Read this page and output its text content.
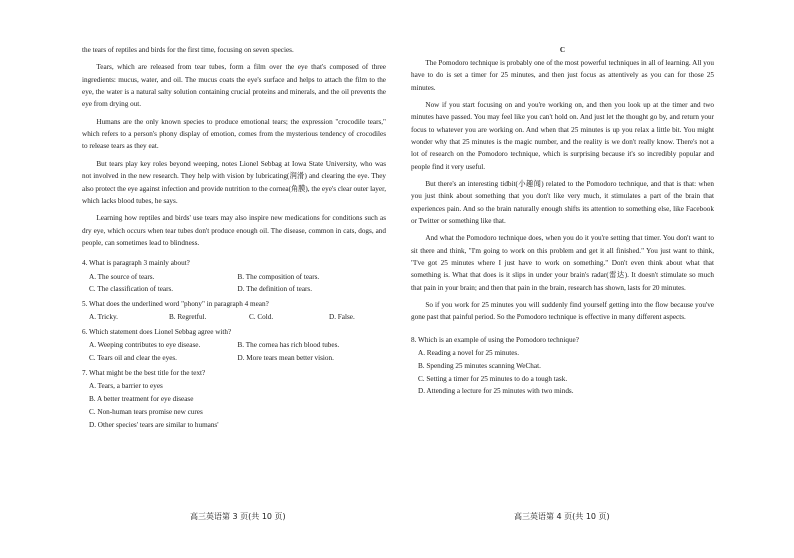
the tears of reptiles and birds for the first time, focusing on seven species.

Tears, which are released from tear tubes, form a film over the eye that's composed of three ingredients: mucus, water, and oil. The mucus coats the eye's surface and helps to attach the film to the eye, the water is a natural salty solution containing crucial proteins and minerals, and the oil prevents the eye from drying out.

Humans are the only known species to produce emotional tears; the expression "crocodile tears," which refers to a person's phony display of emotion, comes from the mysterious tendency of crocodiles to release tears as they eat.

But tears play key roles beyond weeping, notes Lionel Sebbag at Iowa State University, who was not involved in the new research. They help with vision by lubricating(润滑) and clearing the eye. They also protect the eye against infection and provide nutrition to the cornea(角膜), the eye's clear outer layer, which lacks blood tubes, he says.

Learning how reptiles and birds' use tears may also inspire new medications for conditions such as dry eye, which occurs when tear tubes don't produce enough oil. The disease, common in cats, dogs, and people, can sometimes lead to blindness.

4. What is paragraph 3 mainly about?
A. The source of tears.	B. The composition of tears.
C. The classification of tears.	D. The definition of tears.
5. What does the underlined word "phony" in paragraph 4 mean?
A. Tricky.	B. Regretful.	C. Cold.	D. False.
6. Which statement does Lionel Sebbag agree with?
A. Weeping contributes to eye disease.	B. The cornea has rich blood tubes.
C. Tears oil and clear the eyes.	D. More tears mean better vision.
7. What might be the best title for the text?
A. Tears, a barrier to eyes
B. A better treatment for eye disease
C. Non-human tears promise new cures
D. Other species' tears are similar to humans'
C

The Pomodoro technique is probably one of the most powerful techniques in all of learning. All you have to do is set a timer for 25 minutes, and then just focus as attentively as you can for those 25 minutes.

Now if you start focusing on and you're working on, and then you look up at the timer and two minutes have passed. You may feel like you can't hold on. And just let the thought go by, and return your focus to whatever you are working on. And when that 25 minutes is up you relax a little bit. You might wonder why that 25 minutes is the magic number, and the reality is we don't really know. There's not a lot of research on the Pomodoro technique, which is surprising because it's so incredibly popular and people find it very useful.

But there's an interesting tidbit(小趣闻) related to the Pomodoro technique, and that is that: when you just think about something that you don't like very much, it stimulates a part of the brain that experiences pain. And so the brain naturally enough shifts its attention to something else, like Facebook or Twitter or something like that.

And what the Pomodoro technique does, when you do it you're setting that timer. You don't want to sit there and think, "I'm going to work on this problem and get it all finished." You just want to think, "I've got 25 minutes where I just have to work on something." Don't even think about what that something is. What that does is it slips in under your brain's radar(雷达). It doesn't stimulate so much that pain in your brain; and then that pain in the brain, research has shown, lasts for 20 minutes.

So if you work for 25 minutes you will suddenly find yourself getting into the flow because you've gone past that painful period. So the Pomodoro technique is effective in many different aspects.

8. Which is an example of using the Pomodoro technique?
A. Reading a novel for 25 minutes.
B. Spending 25 minutes scanning WeChat.
C. Setting a timer for 25 minutes to do a tough task.
D. Attending a lecture for 25 minutes with two minds.
高三英语第 3 页(共 10 页)	高三英语第 4 页(共 10 页)
